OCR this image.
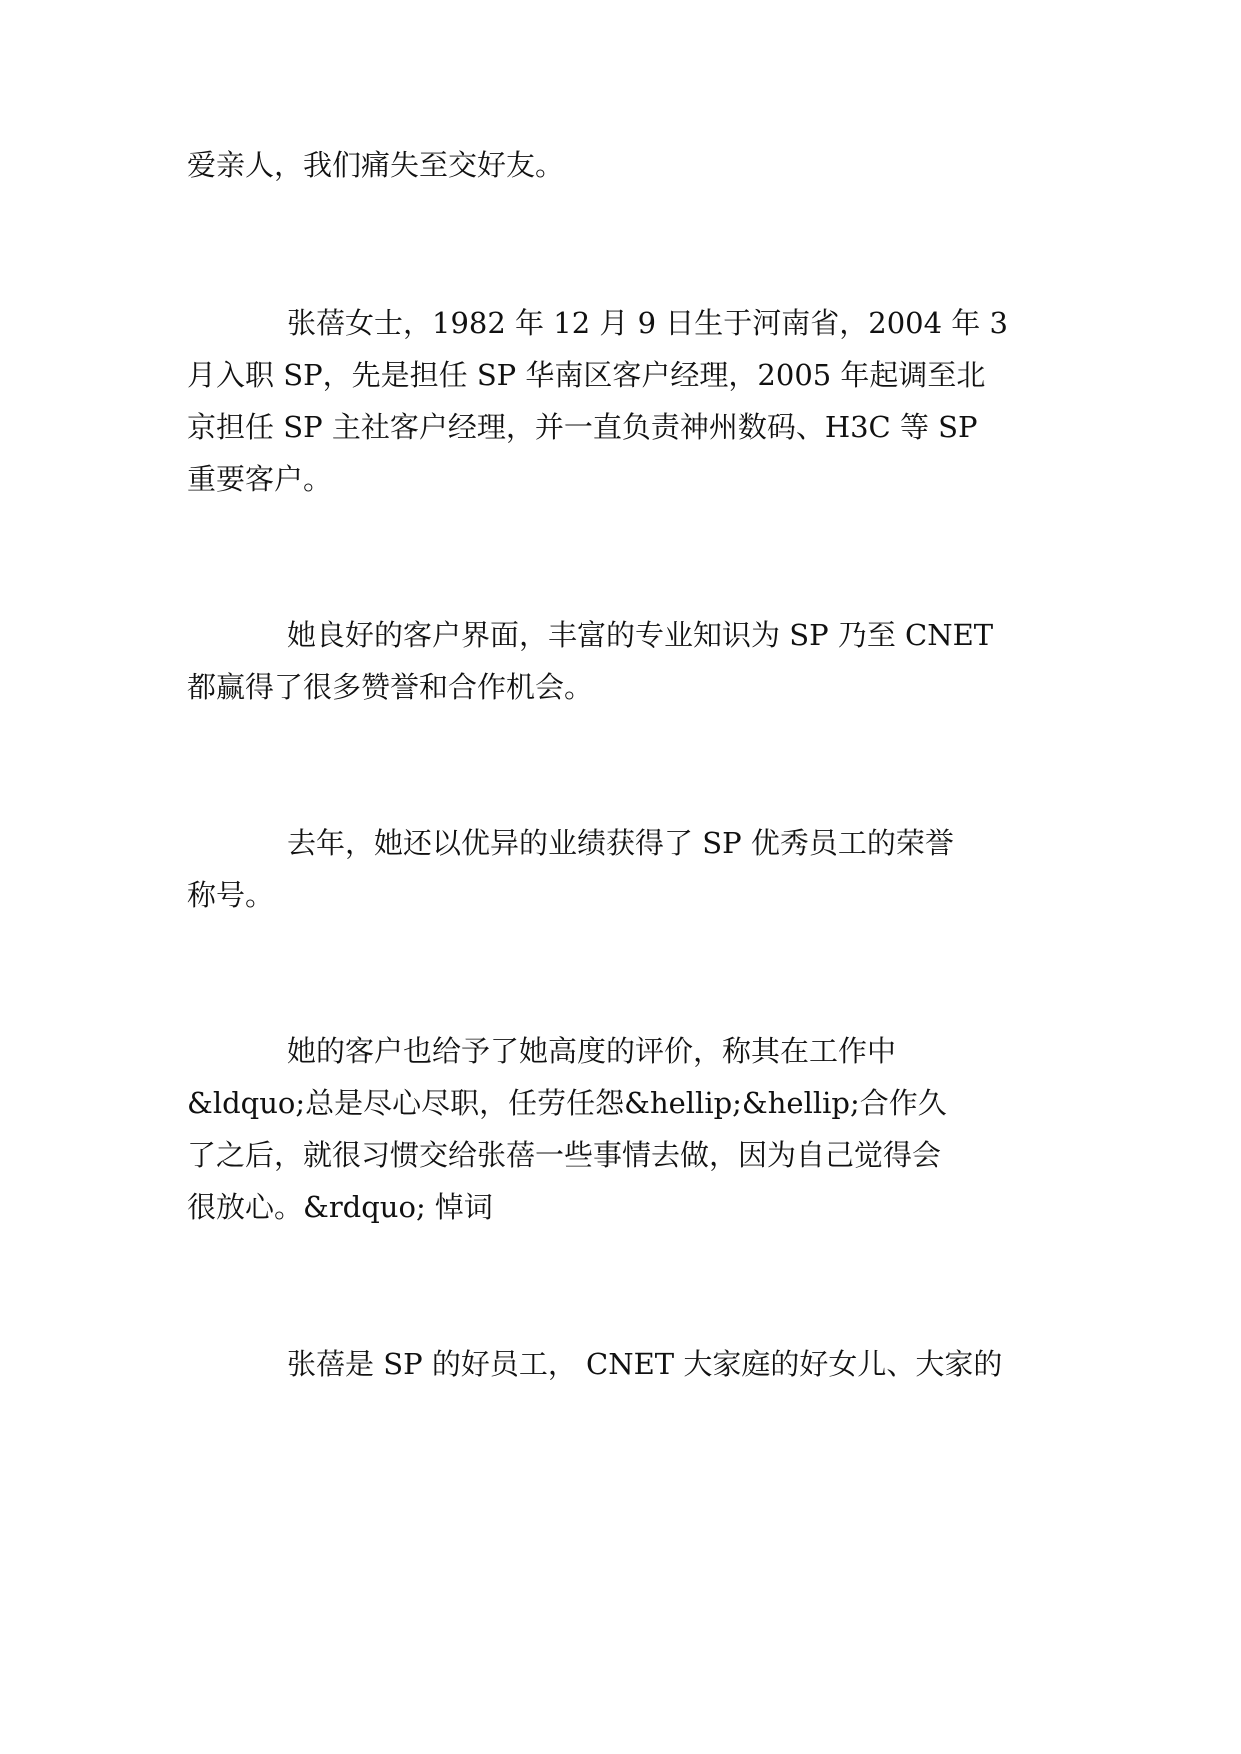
爱亲人，我们痛失至交好友。
张蓓女士，1982 年 12 月 9 日生于河南省，2004 年 3
月入职 SP，先是担任 SP 华南区客户经理，2005 年起调至北
京担任 SP 主社客户经理，并一直负责神州数码、H3C 等 SP
重要客户。
她良好的客户界面，丰富的专业知识为 SP 乃至 CNET
都赢得了很多赞誉和合作机会。
去年，她还以优异的业绩获得了 SP 优秀员工的荣誉
称号。
她的客户也给予了她高度的评价，称其在工作中
&ldquo;总是尽心尽职，任劳任怨&hellip;&hellip;合作久
了之后，就很习惯交给张蓓一些事情去做，因为自己觉得会
很放心。&rdquo; 悼词
张蓓是 SP 的好员工， CNET 大家庭的好女儿、大家的
